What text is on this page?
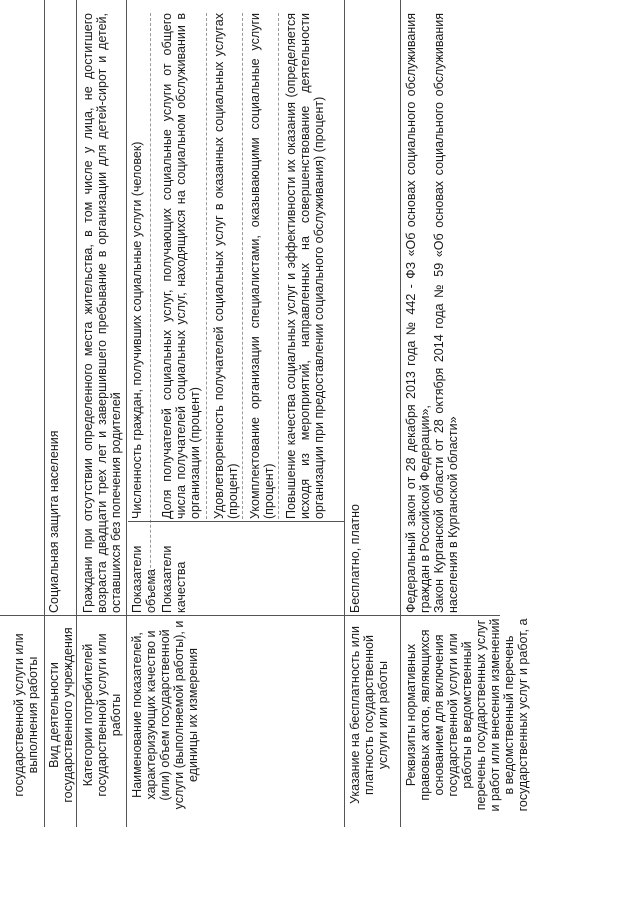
государственной услуги или выполнения работы Вид деятельности государственного учреждения
Социальная защита населения
Категории потребителей государственной услуги или работы
Граждани при отсутствии определенного места жительства, в том числе у лица, не достигшего возраста двадцати трех лет и завершившего пребывание в организации для детей-сирот и детей, оставшихся без попечения родителей
Наименование показателей, характеризующих качество и (или) объем государственной услуги (выполняемой работы), и единицы их измерения
Показатели объема
Численность граждан, получивших социальные услуги (человек)
Показатели качества
Доля получателей социальных услуг, получающих социальные услуги от общего числа получателей социальных услуг, находящихся на социальном обслуживании в организации (процент) Удовлетворенность получателей социальных услуг в оказанных социальных услугах (процент) Укомплектование организации специалистами, оказывающими социальные услуги (процент) Повышение качества социальных услуг и эффективности их оказания (определяется исходя из мероприятий, направленных на совершенствование деятельности организации при предоставлении социального обслуживания) (процент)
Указание на бесплатность или платность государственной услуги или работы
Бесплатно, платно
Реквизиты нормативных правовых актов, являющихся основанием для включения государственной услуги или работы в ведомственный перечень государственных услуг и работ или внесения изменений в ведомственный перечень государственных услуг и работ, а
Федеральный закон от 28 декабря 2013 года № 442 - ФЗ «Об основах социального обслуживания граждан в Российской Федерации», Закон Курганской области от 28 октября 2014 года № 59 «Об основах социального обслуживания населения в Курганской области»
